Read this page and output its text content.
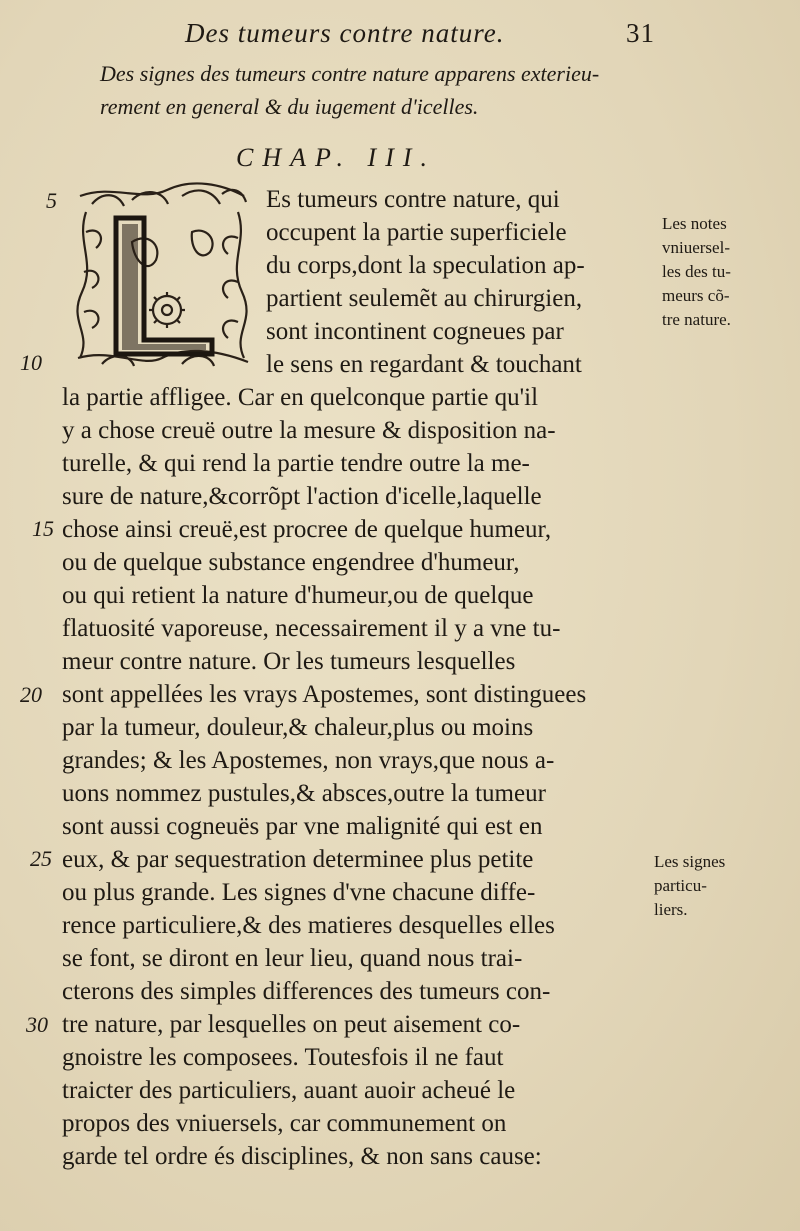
Des tumeurs contre nature.	31
Des signes des tumeurs contre nature apparens exterieu-
rement en general & du iugement d'icelles.
CHAP. III.
Es tumeurs contre nature, qui
occupent la partie superficiele
du corps,dont la speculation ap-
partient seulemẽt au chirurgien,
sont incontinent cogneues par
le sens en regardant & touchant
la partie affligee. Car en quelconque partie qu'il
y a chose creuë outre la mesure & disposition na-
turelle, & qui rend la partie tendre outre la me-
sure de nature,&corrõpt l'action d'icelle,laquelle
chose ainsi creuë,est procree de quelque humeur,
ou de quelque substance engendree d'humeur,
ou qui retient la nature d'humeur,ou de quelque
flatuosité vaporeuse, necessairement il y a vne tu-
meur contre nature. Or les tumeurs lesquelles
sont appellées les vrays Apostemes, sont distinguees
par la tumeur, douleur,& chaleur,plus ou moins
grandes; & les Apostemes, non vrays,que nous a-
uons nommez pustules,& absces,outre la tumeur
sont aussi cogneuës par vne malignité qui est en
eux, & par sequestration determinee plus petite
ou plus grande. Les signes d'vne chacune diffe-
rence particuliere,& des matieres desquelles elles
se font, se diront en leur lieu, quand nous trai-
cterons des simples differences des tumeurs con-
tre nature, par lesquelles on peut aisement co-
gnoistre les composees. Toutesfois il ne faut
traicter des particuliers, auant auoir acheué le
propos des vniuersels, car communement on
garde tel ordre és disciplines, & non sans cause:
5
10
15
20
25
30
Les notes
vniuersel-
les des tu-
meurs cõ-
tre nature.
Les signes
particu-
liers.
